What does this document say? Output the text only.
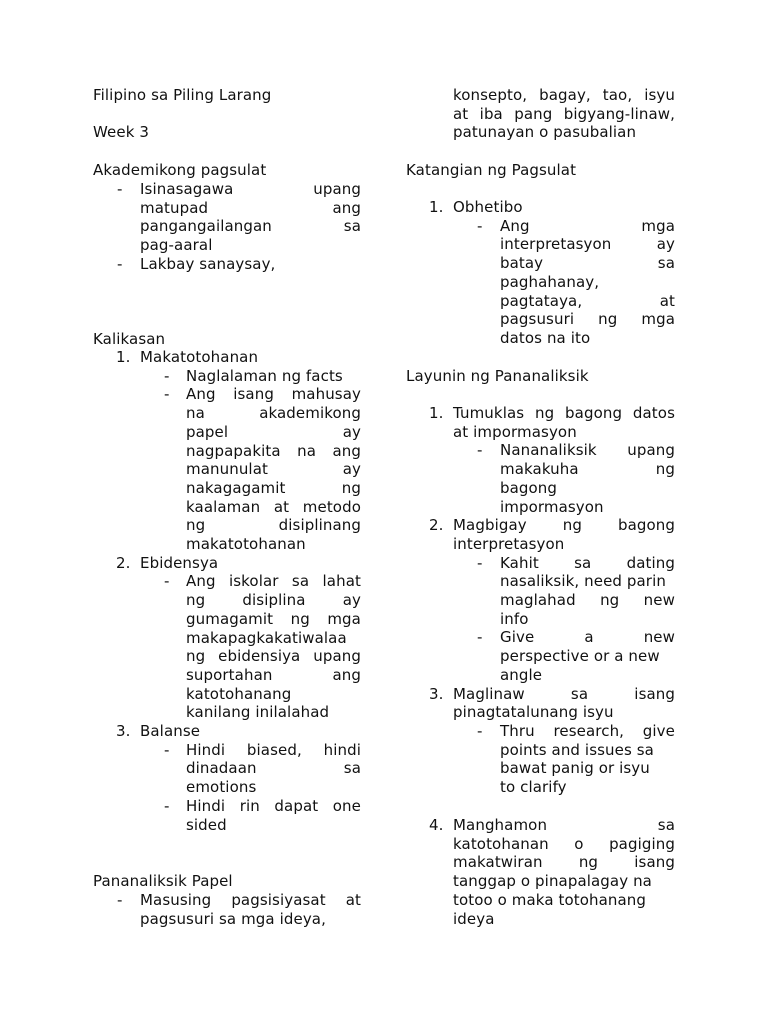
Filipino sa Piling Larang
Week 3
Akademikong pagsulat
- Isinasagawa	upang
matupad	ang
pangangailangan	sa
pag-aaral
- Lakbay sanaysay,
Kalikasan
1. Makatotohanan
- Naglalaman ng facts
- Ang isang mahusay
na	akademikong
papel	ay
nagpapakita na ang
manunulat	ay
nakagagamit	ng
kaalaman at metodo
ng	disiplinang
makatotohanan
2. Ebidensya
- Ang iskolar sa lahat
ng disiplina ay
gumagamit ng mga
makapagkakatiwalaa
ng ebidensiya upang
suportahan	ang
katotohanang
kanilang inilalahad
3. Balanse
- Hindi biased, hindi
dinadaan	sa
emotions
- Hindi rin dapat one
sided
Pananaliksik Papel
- Masusing pagsisiyasat at
pagsusuri sa mga ideya,
konsepto, bagay, tao, isyu
at iba pang bigyang-linaw,
patunayan o pasubalian
Katangian ng Pagsulat
1. Obhetibo
- Ang	mga
interpretasyon	ay
batay	sa
paghahanay,
pagtataya,	at
pagsusuri ng mga
datos na ito
Layunin ng Pananaliksik
1. Tumuklas ng bagong datos
at impormasyon
- Nananaliksik upang
makakuha	ng
bagong
impormasyon
2. Magbigay ng bagong
interpretasyon
- Kahit sa dating
nasaliksik, need parin
maglahad ng new
info
- Give	a	new
perspective or a new
angle
3. Maglinaw	sa	isang
pinagtatalunang isyu
- Thru research, give
points and issues sa
bawat panig or isyu
to clarify
4. Manghamon	sa
katotohanan o pagiging
makatwiran ng isang
tanggap o pinapalagay na
totoo o maka totohanang
ideya
